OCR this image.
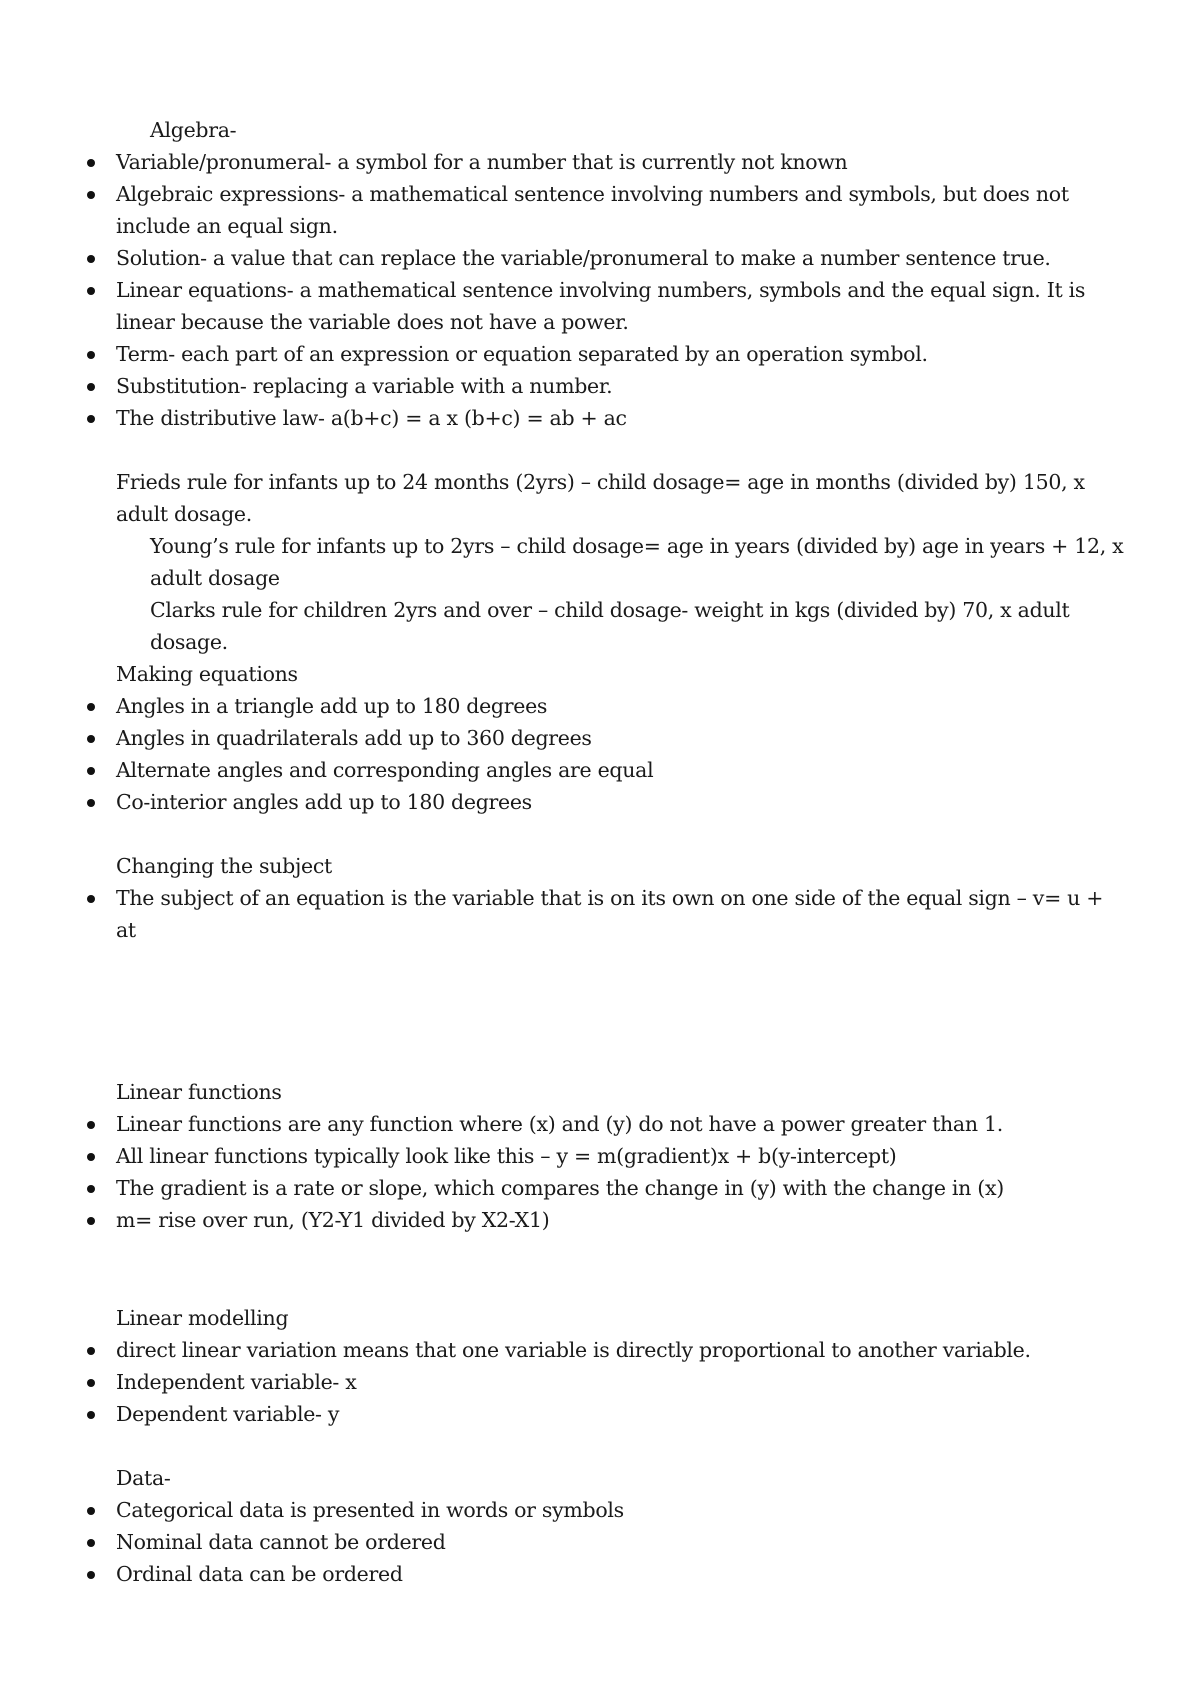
Algebra-
Variable/pronumeral- a symbol for a number that is currently not known
Algebraic expressions- a mathematical sentence involving numbers and symbols, but does not
include an equal sign.
Solution- a value that can replace the variable/pronumeral to make a number sentence true.
Linear equations- a mathematical sentence involving numbers, symbols and the equal sign. It is
linear because the variable does not have a power.
Term- each part of an expression or equation separated by an operation symbol.
Substitution- replacing a variable with a number.
The distributive law- a(b+c) = a x (b+c) = ab + ac
Frieds rule for infants up to 24 months (2yrs) – child dosage= age in months (divided by) 150, x
adult dosage.
Young’s rule for infants up to 2yrs – child dosage= age in years (divided by) age in years + 12, x
adult dosage
Clarks rule for children 2yrs and over – child dosage- weight in kgs (divided by) 70, x adult
dosage.
Making equations
Angles in a triangle add up to 180 degrees
Angles in quadrilaterals add up to 360 degrees
Alternate angles and corresponding angles are equal
Co-interior angles add up to 180 degrees
Changing the subject
The subject of an equation is the variable that is on its own on one side of the equal sign – v= u +
at
Linear functions
Linear functions are any function where (x) and (y) do not have a power greater than 1.
All linear functions typically look like this – y = m(gradient)x + b(y-intercept)
The gradient is a rate or slope, which compares the change in (y) with the change in (x)
m= rise over run, (Y2-Y1 divided by X2-X1)
Linear modelling
direct linear variation means that one variable is directly proportional to another variable.
Independent variable- x
Dependent variable- y
Data-
Categorical data is presented in words or symbols
Nominal data cannot be ordered
Ordinal data can be ordered
